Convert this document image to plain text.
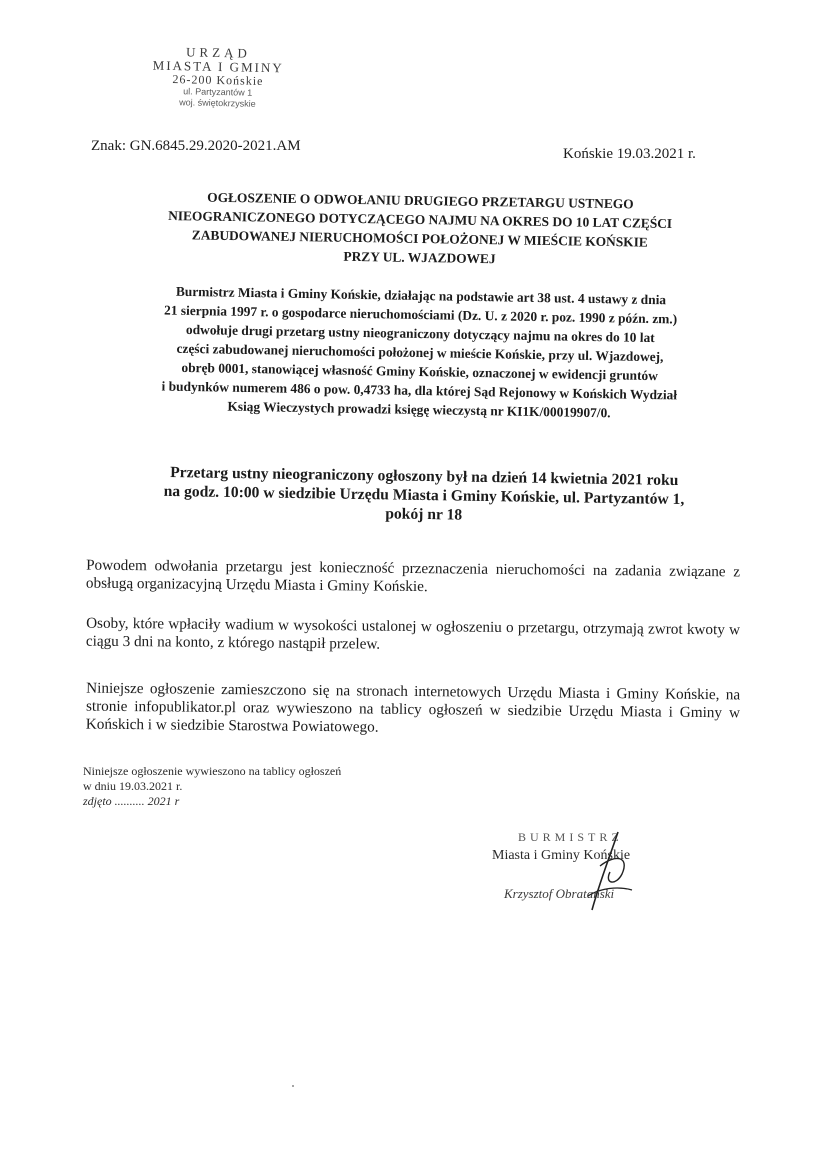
URZĄD
MIASTA I GMINY
26-200 Końskie
ul. Partyzantów 1
woj. świętokrzyskie
Znak: GN.6845.29.2020-2021.AM	Końskie 19.03.2021 r.
OGŁOSZENIE O ODWOŁANIU DRUGIEGO PRZETARGU USTNEGO
NIEOGRANICZONEGO DOTYCZĄCEGO NAJMU NA OKRES DO 10 LAT CZĘŚCI
ZABUDOWANEJ NIERUCHOMOŚCI POŁOŻONEJ W MIEŚCIE KOŃSKIE
PRZY UL. WJAZDOWEJ
Burmistrz Miasta i Gminy Końskie, działając na podstawie art 38 ust. 4 ustawy z dnia
21 sierpnia 1997 r. o gospodarce nieruchomościami (Dz. U. z 2020 r. poz. 1990 z późn. zm.)
odwołuje drugi przetarg ustny nieograniczony dotyczący najmu na okres do 10 lat
części zabudowanej nieruchomości położonej w mieście Końskie, przy ul. Wjazdowej,
obręb 0001, stanowiącej własność Gminy Końskie, oznaczonej w ewidencji gruntów
i budynków numerem 486 o pow. 0,4733 ha, dla której Sąd Rejonowy w Końskich Wydział
Ksiąg Wieczystych prowadzi księgę wieczystą nr KI1K/00019907/0.
Przetarg ustny nieograniczony ogłoszony był na dzień 14 kwietnia 2021 roku
na godz. 10:00 w siedzibie Urzędu Miasta i Gminy Końskie, ul. Partyzantów 1,
pokój nr 18
Powodem odwołania przetargu jest konieczność przeznaczenia nieruchomości na zadania związane z obsługą organizacyjną Urzędu Miasta i Gminy Końskie.
Osoby, które wpłaciły wadium w wysokości ustalonej w ogłoszeniu o przetargu, otrzymają zwrot kwoty w ciągu 3 dni na konto, z którego nastąpił przelew.
Niniejsze ogłoszenie zamieszczono się na stronach internetowych Urzędu Miasta i Gminy Końskie, na stronie infopublikator.pl oraz wywieszono na tablicy ogłoszeń w siedzibie Urzędu Miasta i Gminy w Końskich i w siedzibie Starostwa Powiatowego.
Niniejsze ogłoszenie wywieszono na tablicy ogłoszeń
w dniu 19.03.2021 r.
zdjęto .......... 2021 r
BURMISTRZ
Miasta i Gminy Końskie
Krzysztof Obratański
